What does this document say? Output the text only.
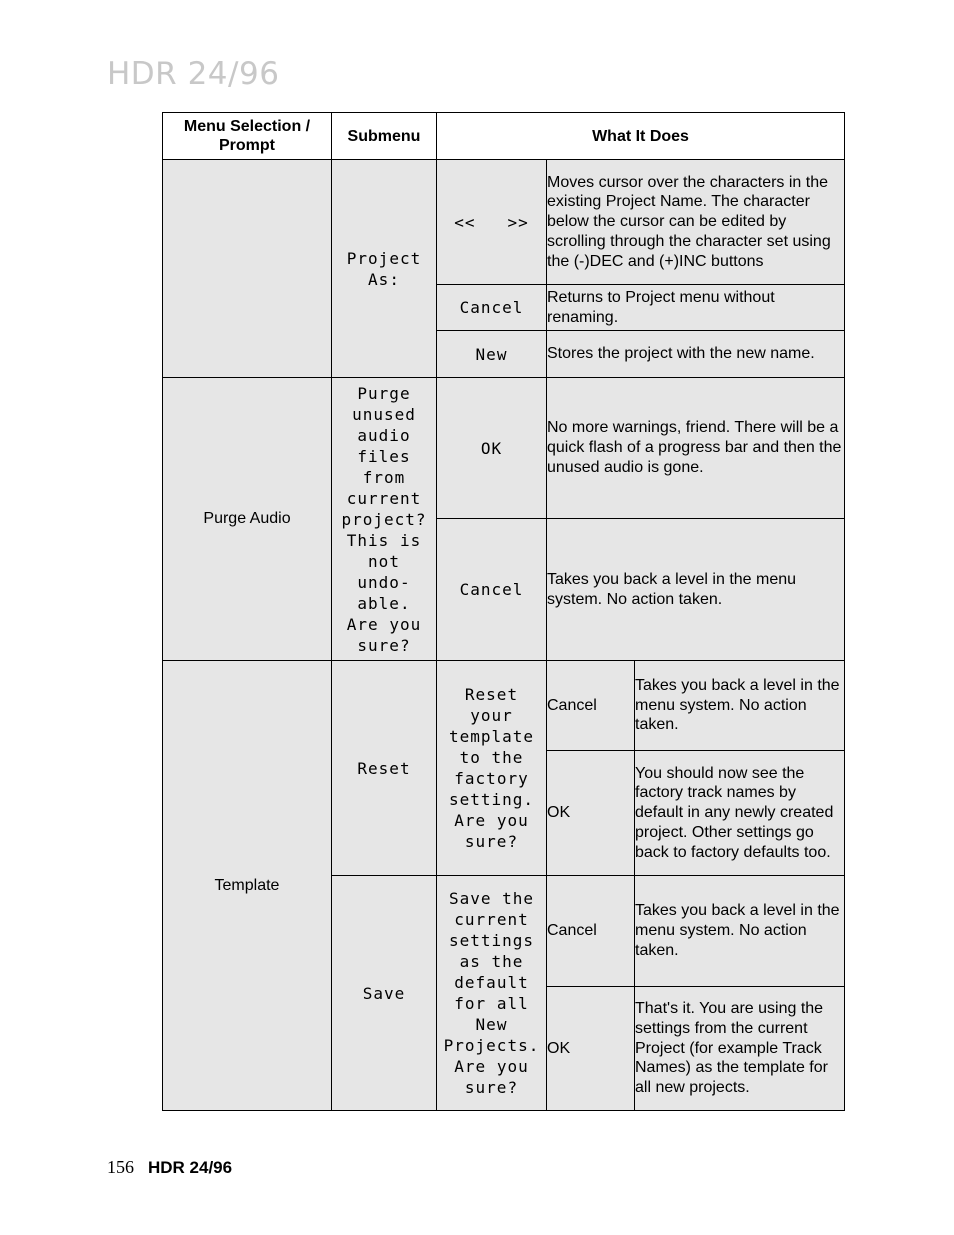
HDR 24/96
Menu Selection / Prompt	Submenu	What It Does		
	Project As:	<<   >>	Moves cursor over the characters in the existing Project Name. The character below the cursor can be edited by scrolling through the character set using the (-)DEC and (+)INC buttons	
		Cancel	Returns to Project menu without renaming.	
		New	Stores the project with the new name.	
Purge Audio	Purge unused audio files from current project? This is not undo-able. Are you sure?	OK	No more warnings, friend. There will be a quick flash of a progress bar and then the unused audio is gone.	
		Cancel	Takes you back a level in the menu system. No action taken.	
Template	Reset	Reset your template to the factory setting. Are you sure?	Cancel	Takes you back a level in the menu system. No action taken.
			OK	You should now see the factory track names by default in any newly created project. Other settings go back to factory defaults too.
	Save	Save the current settings as the default for all New Projects. Are you sure?	Cancel	Takes you back a level in the menu system. No action taken.
			OK	That's it. You are using the settings from the current Project (for example Track Names) as the template for all new projects.
156 HDR 24/96
